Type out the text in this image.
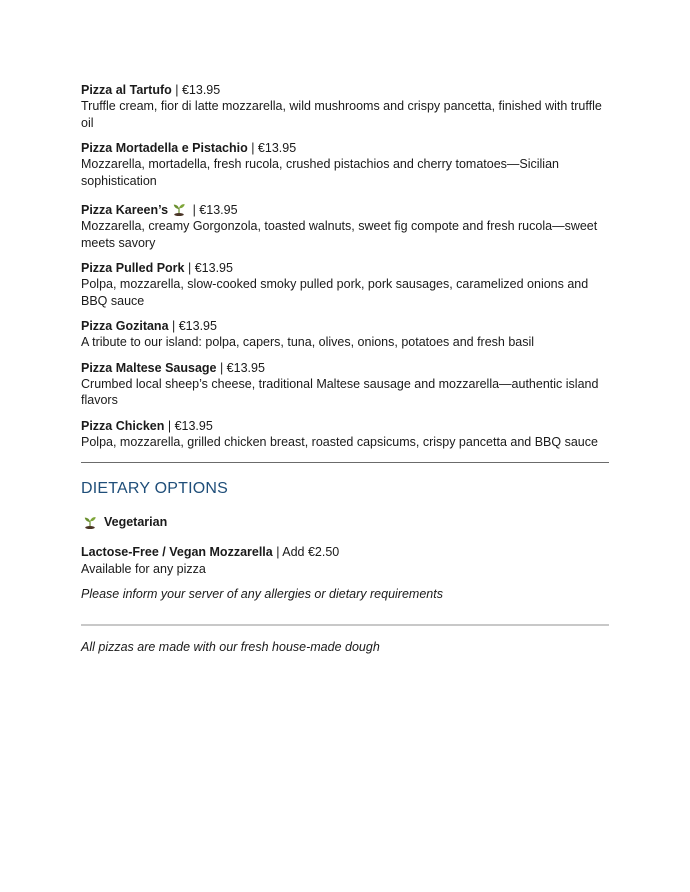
Pizza al Tartufo | €13.95

Truffle cream, fior di latte mozzarella, wild mushrooms and crispy pancetta, finished with truffle oil

Pizza Mortadella e Pistachio | €13.95

Mozzarella, mortadella, fresh rucola, crushed pistachios and cherry tomatoes—Sicilian sophistication

Pizza Kareen’s | €13.95

Mozzarella, creamy Gorgonzola, toasted walnuts, sweet fig compote and fresh rucola—sweet meets savory

Pizza Pulled Pork | €13.95

Polpa, mozzarella, slow-cooked smoky pulled pork, pork sausages, caramelized onions and BBQ sauce

Pizza Gozitana | €13.95

A tribute to our island: polpa, capers, tuna, olives, onions, potatoes and fresh basil

Pizza Maltese Sausage | €13.95

Crumbed local sheep’s cheese, traditional Maltese sausage and mozzarella—authentic island flavors

Pizza Chicken | €13.95

Polpa, mozzarella, grilled chicken breast, roasted capsicums, crispy pancetta and BBQ sauce

DIETARY OPTIONS
Vegetarian
Lactose-Free / Vegan Mozzarella | Add €2.50
Available for any pizza
Please inform your server of any allergies or dietary requirements
All pizzas are made with our fresh house-made dough
